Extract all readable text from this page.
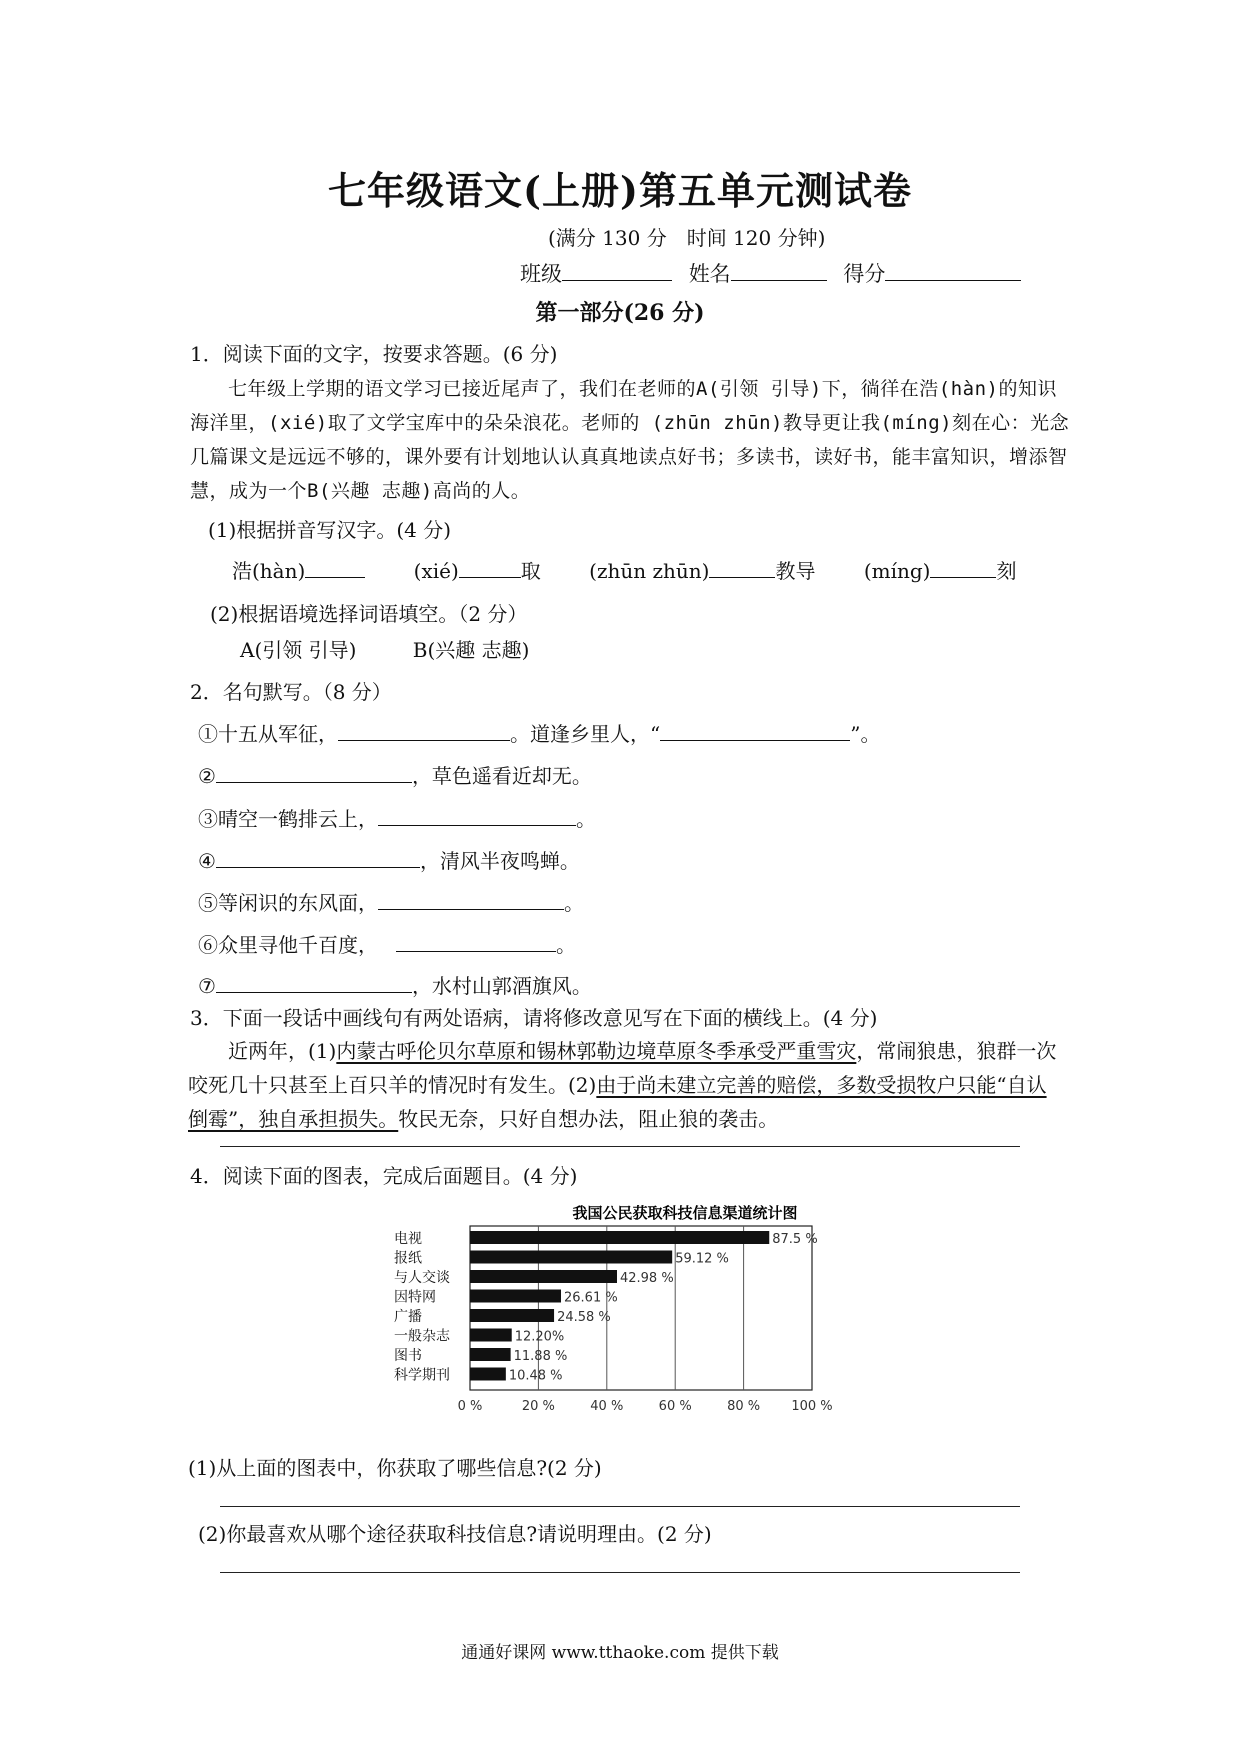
七年级语文(上册)第五单元测试卷
(满分 130 分　时间 120 分钟)
班级	姓名	得分
第一部分(26 分)
1．阅读下面的文字，按要求答题。(6 分)
七年级上学期的语文学习已接近尾声了，我们在老师的A(引领 引导)下，徜徉在浩(hàn)的知识海洋里，(xié)取了文学宝库中的朵朵浪花。老师的 (zhūn zhūn)教导更让我(míng)刻在心：光念几篇课文是远远不够的，课外要有计划地认认真真地读点好书；多读书，读好书，能丰富知识，增添智慧，成为一个B(兴趣 志趣)高尚的人。
(1)根据拼音写汉字。(4 分)
浩(hàn)	(xié)	取 (zhūn zhūn)	教导 (míng)	刻
(2)根据语境选择词语填空。（2 分）
A(引领 引导)	B(兴趣 志趣)
2．名句默写。（8 分）
①十五从军征，	。道逢乡里人，“	”。
②	，草色遥看近却无。
③晴空一鹤排云上，	。
④	，清风半夜鸣蝉。
⑤等闲识的东风面，	。
⑥众里寻他千百度，	。
⑦	，水村山郭酒旗风。
3．下面一段话中画线句有两处语病，请将修改意见写在下面的横线上。(4 分)
近两年，(1)内蒙古呼伦贝尔草原和锡林郭勒边境草原冬季承受严重雪灾，常闹狼患，狼群一次咬死几十只甚至上百只羊的情况时有发生。(2)由于尚未建立完善的赔偿，多数受损牧户只能“自认倒霉”，独自承担损失。牧民无奈，只好自想办法，阻止狼的袭击。
4．阅读下面的图表，完成后面题目。(4 分)
我国公民获取科技信息渠道统计图
电视
报纸
与人交谈
因特网
广播
一般杂志
图书
科学期刊
87.5 %
59.12 %
42.98 %
26.61 %
24.58 %
12.20%
11.88 %
10.48 %
0 %	20 %	40 %	60 %	80 % 100 %
(1)从上面的图表中，你获取了哪些信息?(2 分)
(2)你最喜欢从哪个途径获取科技信息?请说明理由。(2 分)
通通好课网 www.tthaoke.com 提供下载
